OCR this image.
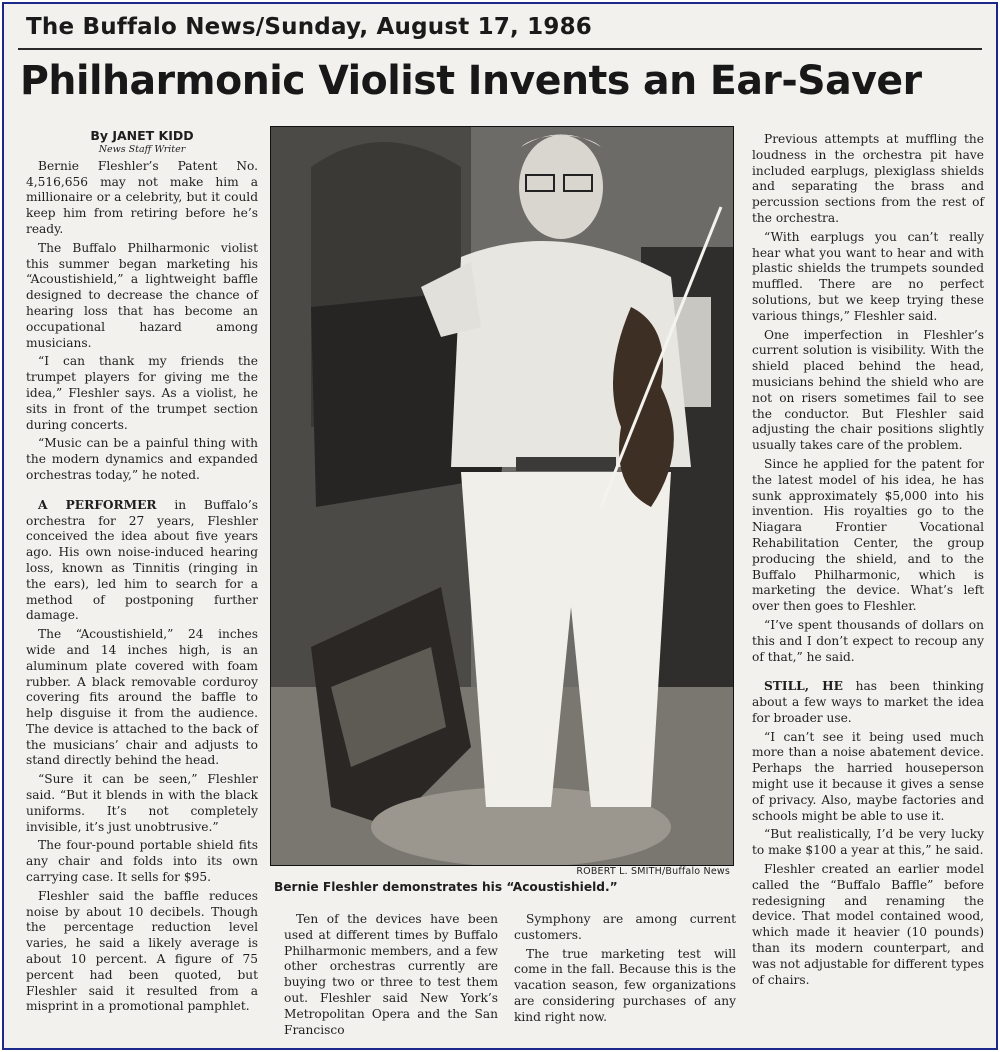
The Buffalo News/Sunday, August 17, 1986
Philharmonic Violist Invents an Ear-Saver
By JANET KIDD
News Staff Writer

Bernie Fleshler’s Patent No. 4,516,656 may not make him a millionaire or a celebrity, but it could keep him from retiring before he’s ready.

The Buffalo Philharmonic violist this summer began marketing his “Acoustishield,” a lightweight baffle designed to decrease the chance of hearing loss that has become an occupational hazard among musicians.

“I can thank my friends the trumpet players for giving me the idea,” Fleshler says. As a violist, he sits in front of the trumpet section during concerts.

“Music can be a painful thing with the modern dynamics and expanded orchestras today,” he noted.

A PERFORMER in Buffalo’s orchestra for 27 years, Fleshler conceived the idea about five years ago. His own noise-induced hearing loss, known as Tinnitis (ringing in the ears), led him to search for a method of postponing further damage.

The “Acoustishield,” 24 inches wide and 14 inches high, is an aluminum plate covered with foam rubber. A black removable corduroy covering fits around the baffle to help disguise it from the audience. The device is attached to the back of the musicians’ chair and adjusts to stand directly behind the head.

“Sure it can be seen,” Fleshler said. “But it blends in with the black uniforms. It’s not completely invisible, it’s just unobtrusive.”

The four-pound portable shield fits any chair and folds into its own carrying case. It sells for $95.

Fleshler said the baffle reduces noise by about 10 decibels. Though the percentage reduction level varies, he said a likely average is about 10 percent. A figure of 75 percent had been quoted, but Fleshler said it resulted from a misprint in a promotional pamphlet.

ROBERT L. SMITH/Buffalo News
Bernie Fleshler demonstrates his “Acoustishield.”

Ten of the devices have been used at different times by Buffalo Philharmonic members, and a few other orchestras currently are buying two or three to test them out. Fleshler said New York’s Metropolitan Opera and the San Francisco

Symphony are among current customers.

The true marketing test will come in the fall. Because this is the vacation season, few organizations are considering purchases of any kind right now.

Previous attempts at muffling the loudness in the orchestra pit have included earplugs, plexiglass shields and separating the brass and percussion sections from the rest of the orchestra.

“With earplugs you can’t really hear what you want to hear and with plastic shields the trumpets sounded muffled. There are no perfect solutions, but we keep trying these various things,” Fleshler said.

One imperfection in Fleshler’s current solution is visibility. With the shield placed behind the head, musicians behind the shield who are not on risers sometimes fail to see the conductor. But Fleshler said adjusting the chair positions slightly usually takes care of the problem.

Since he applied for the patent for the latest model of his idea, he has sunk approximately $5,000 into his invention. His royalties go to the Niagara Frontier Vocational Rehabilitation Center, the group producing the shield, and to the Buffalo Philharmonic, which is marketing the device. What’s left over then goes to Fleshler.

“I’ve spent thousands of dollars on this and I don’t expect to recoup any of that,” he said.

STILL, HE has been thinking about a few ways to market the idea for broader use.

“I can’t see it being used much more than a noise abatement device. Perhaps the harried houseperson might use it because it gives a sense of privacy. Also, maybe factories and schools might be able to use it.

“But realistically, I’d be very lucky to make $100 a year at this,” he said.

Fleshler created an earlier model called the “Buffalo Baffle” before redesigning and renaming the device. That model contained wood, which made it heavier (10 pounds) than its modern counterpart, and was not adjustable for different types of chairs.
